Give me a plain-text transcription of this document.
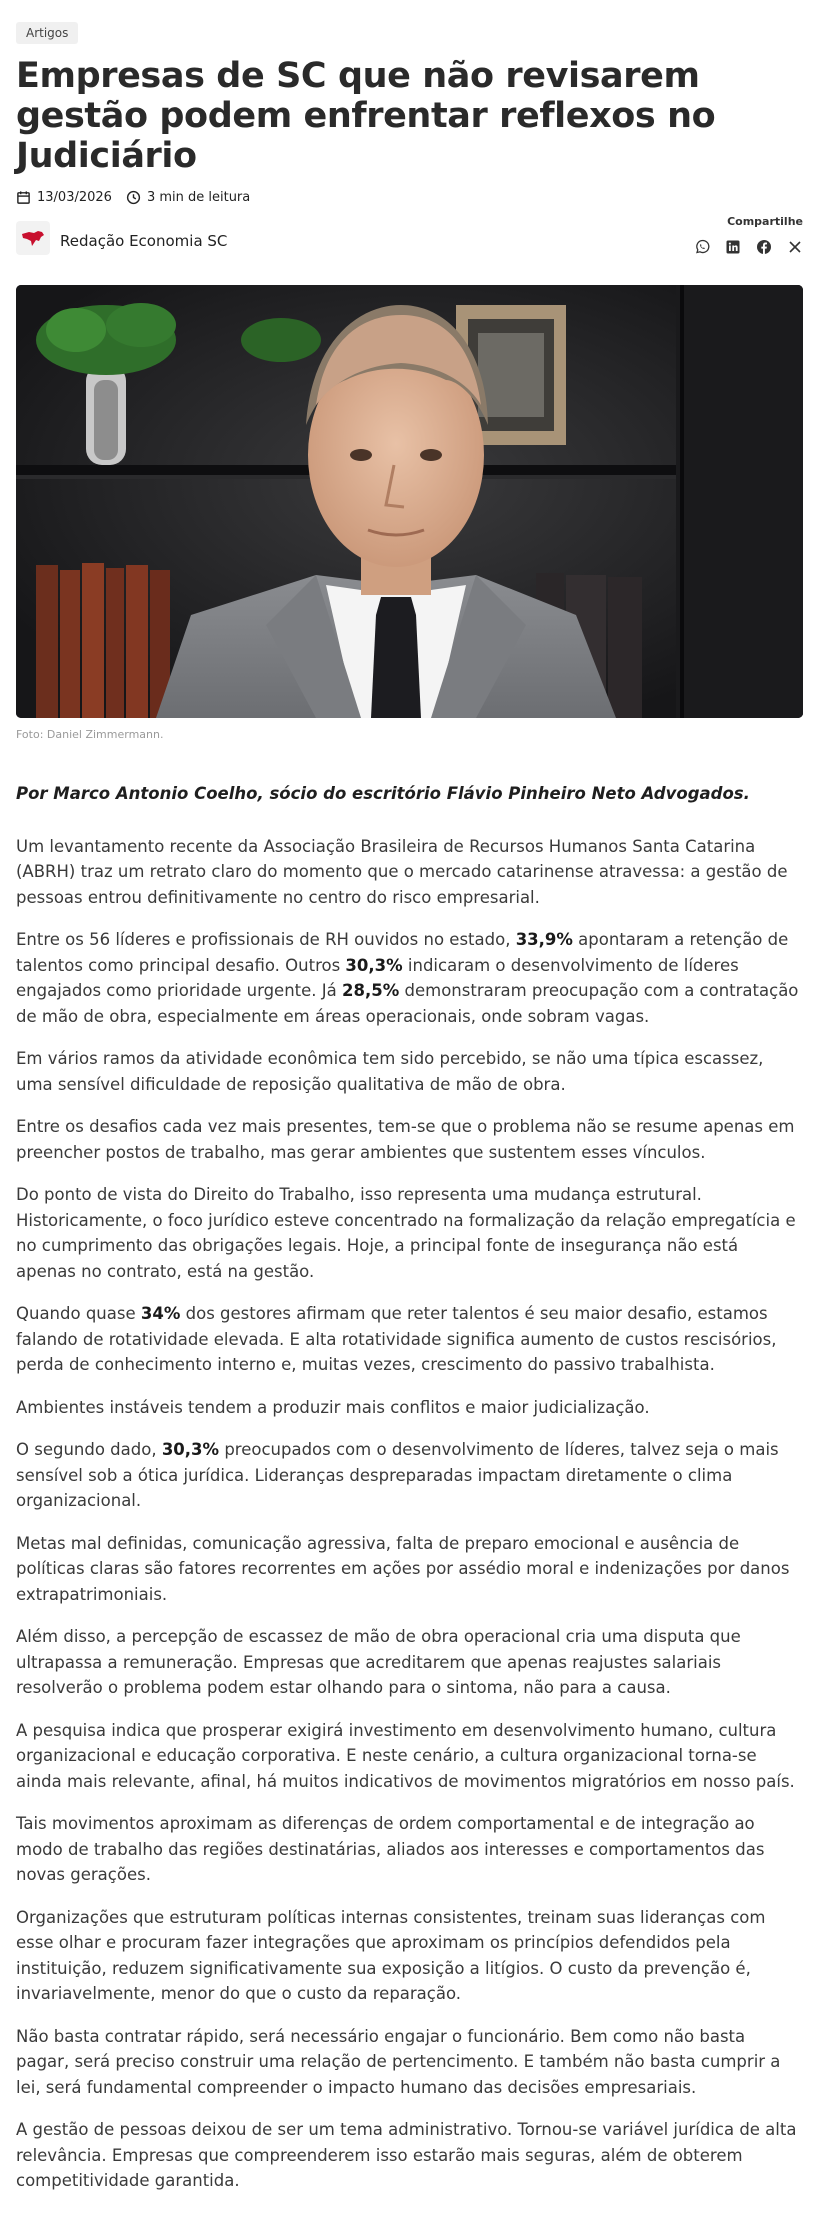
Artigos
Empresas de SC que não revisarem gestão podem enfrentar reflexos no Judiciário
13/03/2026	3 min de leitura
Redação Economia SC
Compartilhe
Foto: Daniel Zimmermann.

Por Marco Antonio Coelho, sócio do escritório Flávio Pinheiro Neto Advogados.

Um levantamento recente da Associação Brasileira de Recursos Humanos Santa Catarina (ABRH) traz um retrato claro do momento que o mercado catarinense atravessa: a gestão de pessoas entrou definitivamente no centro do risco empresarial.

Entre os 56 líderes e profissionais de RH ouvidos no estado, 33,9% apontaram a retenção de talentos como principal desafio. Outros 30,3% indicaram o desenvolvimento de líderes engajados como prioridade urgente. Já 28,5% demonstraram preocupação com a contratação de mão de obra, especialmente em áreas operacionais, onde sobram vagas.

Em vários ramos da atividade econômica tem sido percebido, se não uma típica escassez, uma sensível dificuldade de reposição qualitativa de mão de obra.

Entre os desafios cada vez mais presentes, tem-se que o problema não se resume apenas em preencher postos de trabalho, mas gerar ambientes que sustentem esses vínculos.

Do ponto de vista do Direito do Trabalho, isso representa uma mudança estrutural. Historicamente, o foco jurídico esteve concentrado na formalização da relação empregatícia e no cumprimento das obrigações legais. Hoje, a principal fonte de insegurança não está apenas no contrato, está na gestão.

Quando quase 34% dos gestores afirmam que reter talentos é seu maior desafio, estamos falando de rotatividade elevada. E alta rotatividade significa aumento de custos rescisórios, perda de conhecimento interno e, muitas vezes, crescimento do passivo trabalhista.

Ambientes instáveis tendem a produzir mais conflitos e maior judicialização.

O segundo dado, 30,3% preocupados com o desenvolvimento de líderes, talvez seja o mais sensível sob a ótica jurídica. Lideranças despreparadas impactam diretamente o clima organizacional.

Metas mal definidas, comunicação agressiva, falta de preparo emocional e ausência de políticas claras são fatores recorrentes em ações por assédio moral e indenizações por danos extrapatrimoniais.

Além disso, a percepção de escassez de mão de obra operacional cria uma disputa que ultrapassa a remuneração. Empresas que acreditarem que apenas reajustes salariais resolverão o problema podem estar olhando para o sintoma, não para a causa.

A pesquisa indica que prosperar exigirá investimento em desenvolvimento humano, cultura organizacional e educação corporativa. E neste cenário, a cultura organizacional torna-se ainda mais relevante, afinal, há muitos indicativos de movimentos migratórios em nosso país.

Tais movimentos aproximam as diferenças de ordem comportamental e de integração ao modo de trabalho das regiões destinatárias, aliados aos interesses e comportamentos das novas gerações.

Organizações que estruturam políticas internas consistentes, treinam suas lideranças com esse olhar e procuram fazer integrações que aproximam os princípios defendidos pela instituição, reduzem significativamente sua exposição a litígios. O custo da prevenção é, invariavelmente, menor do que o custo da reparação.

Não basta contratar rápido, será necessário engajar o funcionário. Bem como não basta pagar, será preciso construir uma relação de pertencimento. E também não basta cumprir a lei, será fundamental compreender o impacto humano das decisões empresariais.

A gestão de pessoas deixou de ser um tema administrativo. Tornou-se variável jurídica de alta relevância. Empresas que compreenderem isso estarão mais seguras, além de obterem competitividade garantida.
